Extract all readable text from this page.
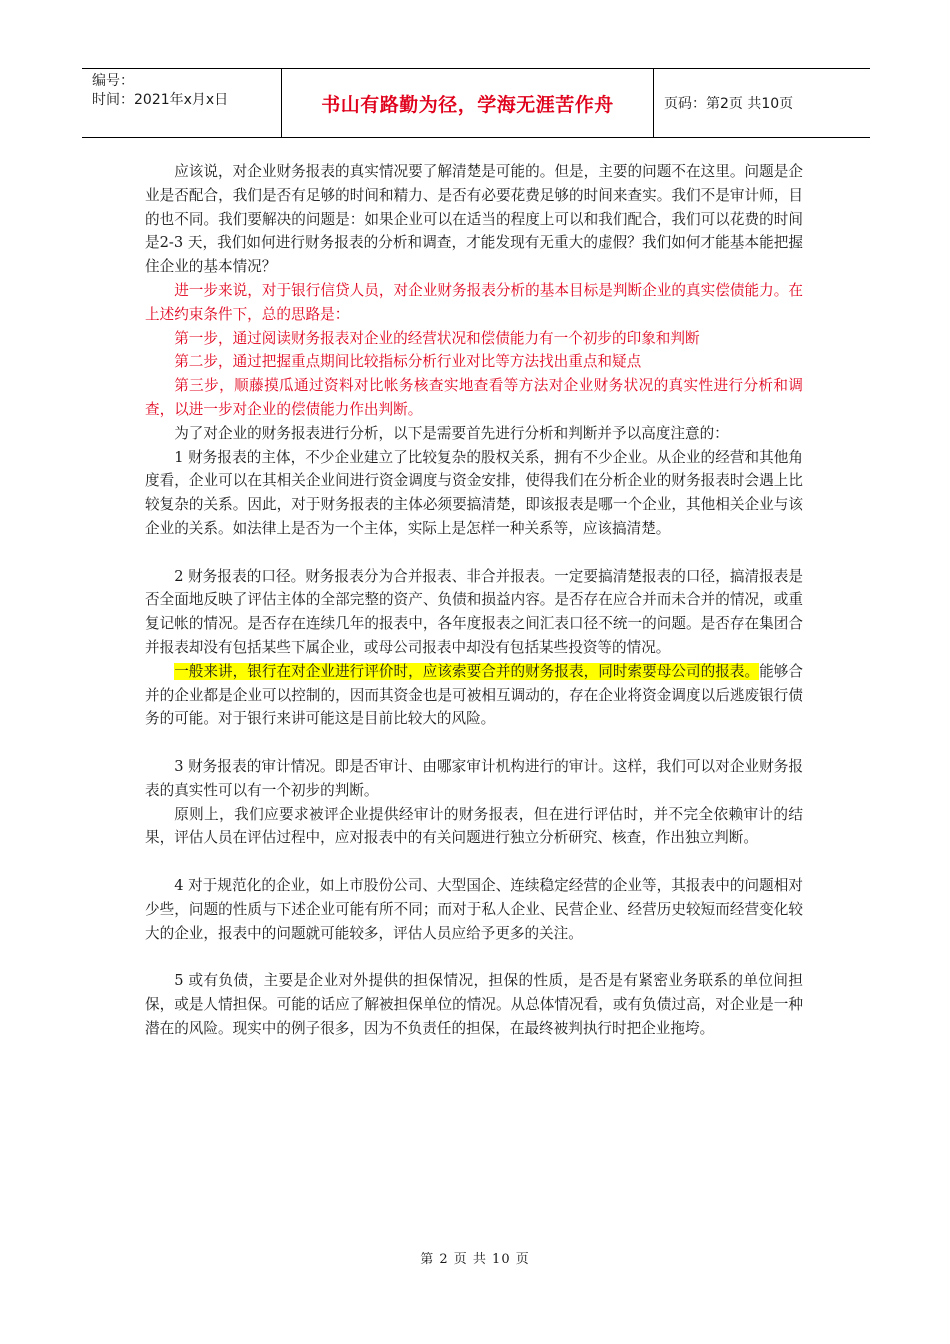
编号：
时间：2021年x月x日	书山有路勤为径，学海无涯苦作舟	页码：第2页 共10页

应该说，对企业财务报表的真实情况要了解清楚是可能的。但是，主要的问题不在这里。问题是企业是否配合，我们是否有足够的时间和精力、是否有必要花费足够的时间来查实。我们不是审计师，目的也不同。我们要解决的问题是：如果企业可以在适当的程度上可以和我们配合，我们可以花费的时间是2-3 天，我们如何进行财务报表的分析和调查，才能发现有无重大的虚假？我们如何才能基本能把握住企业的基本情况？

进一步来说，对于银行信贷人员，对企业财务报表分析的基本目标是判断企业的真实偿债能力。在上述约束条件下，总的思路是：

第一步，通过阅读财务报表对企业的经营状况和偿债能力有一个初步的印象和判断

第二步，通过把握重点期间比较指标分析行业对比等方法找出重点和疑点

第三步，顺藤摸瓜通过资料对比帐务核查实地查看等方法对企业财务状况的真实性进行分析和调查，以进一步对企业的偿债能力作出判断。

为了对企业的财务报表进行分析，以下是需要首先进行分析和判断并予以高度注意的：

1 财务报表的主体，不少企业建立了比较复杂的股权关系，拥有不少企业。从企业的经营和其他角度看，企业可以在其相关企业间进行资金调度与资金安排，使得我们在分析企业的财务报表时会遇上比较复杂的关系。因此，对于财务报表的主体必须要搞清楚，即该报表是哪一个企业，其他相关企业与该企业的关系。如法律上是否为一个主体，实际上是怎样一种关系等，应该搞清楚。

2 财务报表的口径。财务报表分为合并报表、非合并报表。一定要搞清楚报表的口径，搞清报表是否全面地反映了评估主体的全部完整的资产、负债和损益内容。是否存在应合并而未合并的情况，或重复记帐的情况。是否存在连续几年的报表中，各年度报表之间汇表口径不统一的问题。是否存在集团合并报表却没有包括某些下属企业，或母公司报表中却没有包括某些投资等的情况。

一般来讲，银行在对企业进行评价时，应该索要合并的财务报表，同时索要母公司的报表。能够合并的企业都是企业可以控制的，因而其资金也是可被相互调动的，存在企业将资金调度以后逃废银行债务的可能。对于银行来讲可能这是目前比较大的风险。

3 财务报表的审计情况。即是否审计、由哪家审计机构进行的审计。这样，我们可以对企业财务报表的真实性可以有一个初步的判断。

原则上，我们应要求被评企业提供经审计的财务报表，但在进行评估时，并不完全依赖审计的结果，评估人员在评估过程中，应对报表中的有关问题进行独立分析研究、核查，作出独立判断。

4 对于规范化的企业，如上市股份公司、大型国企、连续稳定经营的企业等，其报表中的问题相对少些，问题的性质与下述企业可能有所不同；而对于私人企业、民营企业、经营历史较短而经营变化较大的企业，报表中的问题就可能较多，评估人员应给予更多的关注。

5 或有负债，主要是企业对外提供的担保情况，担保的性质，是否是有紧密业务联系的单位间担保，或是人情担保。可能的话应了解被担保单位的情况。从总体情况看，或有负债过高，对企业是一种潜在的风险。现实中的例子很多，因为不负责任的担保，在最终被判执行时把企业拖垮。

第 2 页 共 10 页
